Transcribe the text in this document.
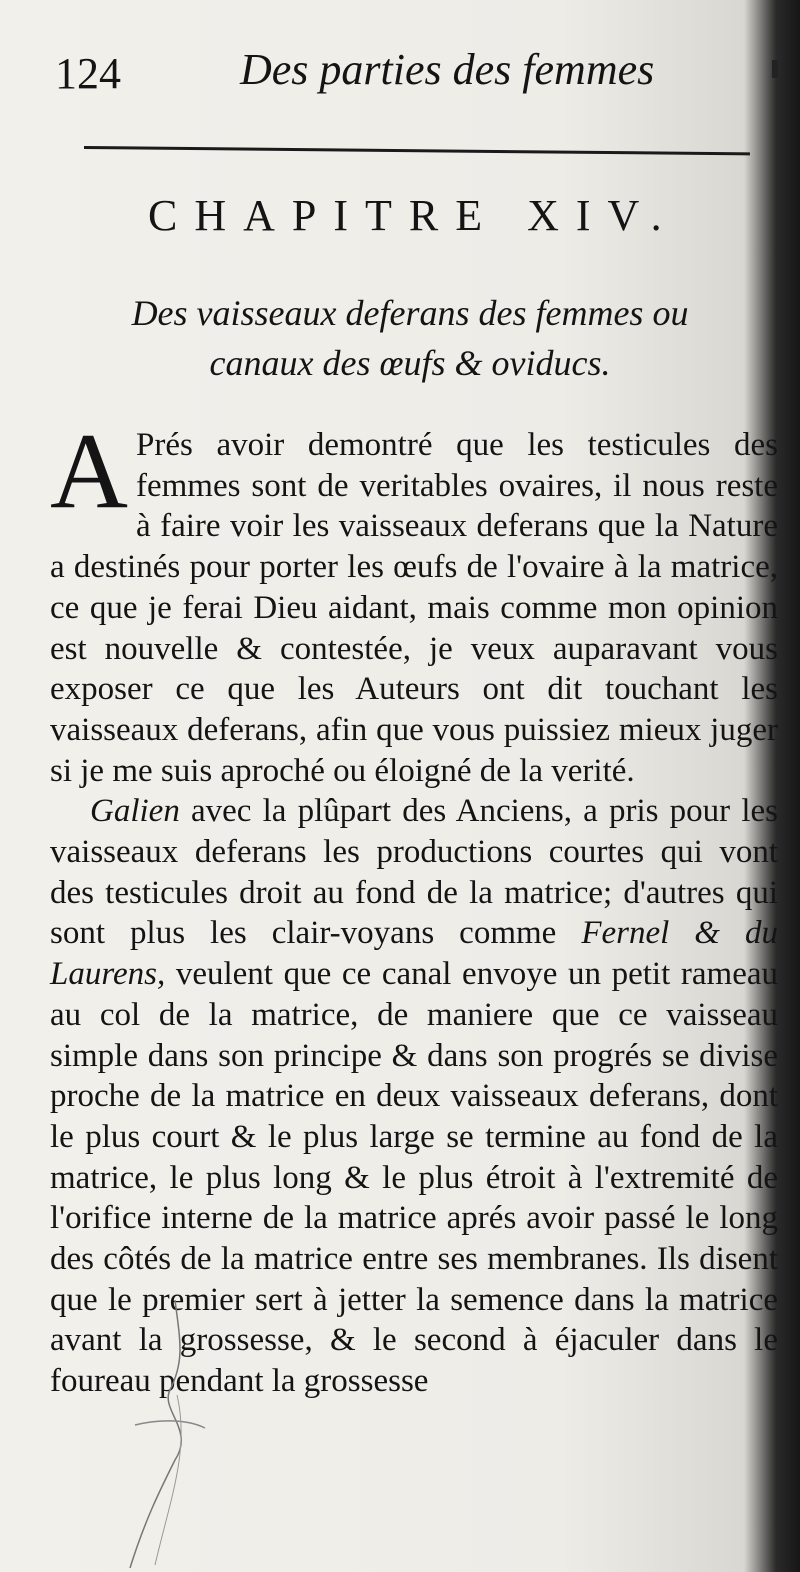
124	Des parties des femmes
CHAPITRE XIV.
Des vaisseaux deferans des femmes ou
canaux des œufs & oviducs.

A Prés avoir demontré que les testicules des femmes sont de veritables ovaires, il nous reste à faire voir les vaisseaux deferans que la Nature a destinés pour porter les œufs de l'ovaire à la matrice, ce que je ferai Dieu aidant, mais comme mon opinion est nouvelle & contestée, je veux auparavant vous exposer ce que les Auteurs ont dit touchant les vaisseaux deferans, afin que vous puissiez mieux juger si je me suis aproché ou éloigné de la verité.

Galien avec la plûpart des Anciens, a pris pour les vaisseaux deferans les productions courtes qui vont des testicules droit au fond de la matrice; d'autres qui sont plus les clair-voyans comme Fernel & du Laurens, veulent que ce canal envoye un petit rameau au col de la matrice, de maniere que ce vaisseau simple dans son principe & dans son progrés se divise proche de la matrice en deux vaisseaux deferans, dont le plus court & le plus large se termine au fond de la matrice, le plus long & le plus étroit à l'extremité de l'orifice interne de la matrice aprés avoir passé le long des côtés de la matrice entre ses membranes. Ils disent que le premier sert à jetter la semence dans la matrice avant la grossesse, & le second à éjaculer dans le foureau pendant la grossesse
